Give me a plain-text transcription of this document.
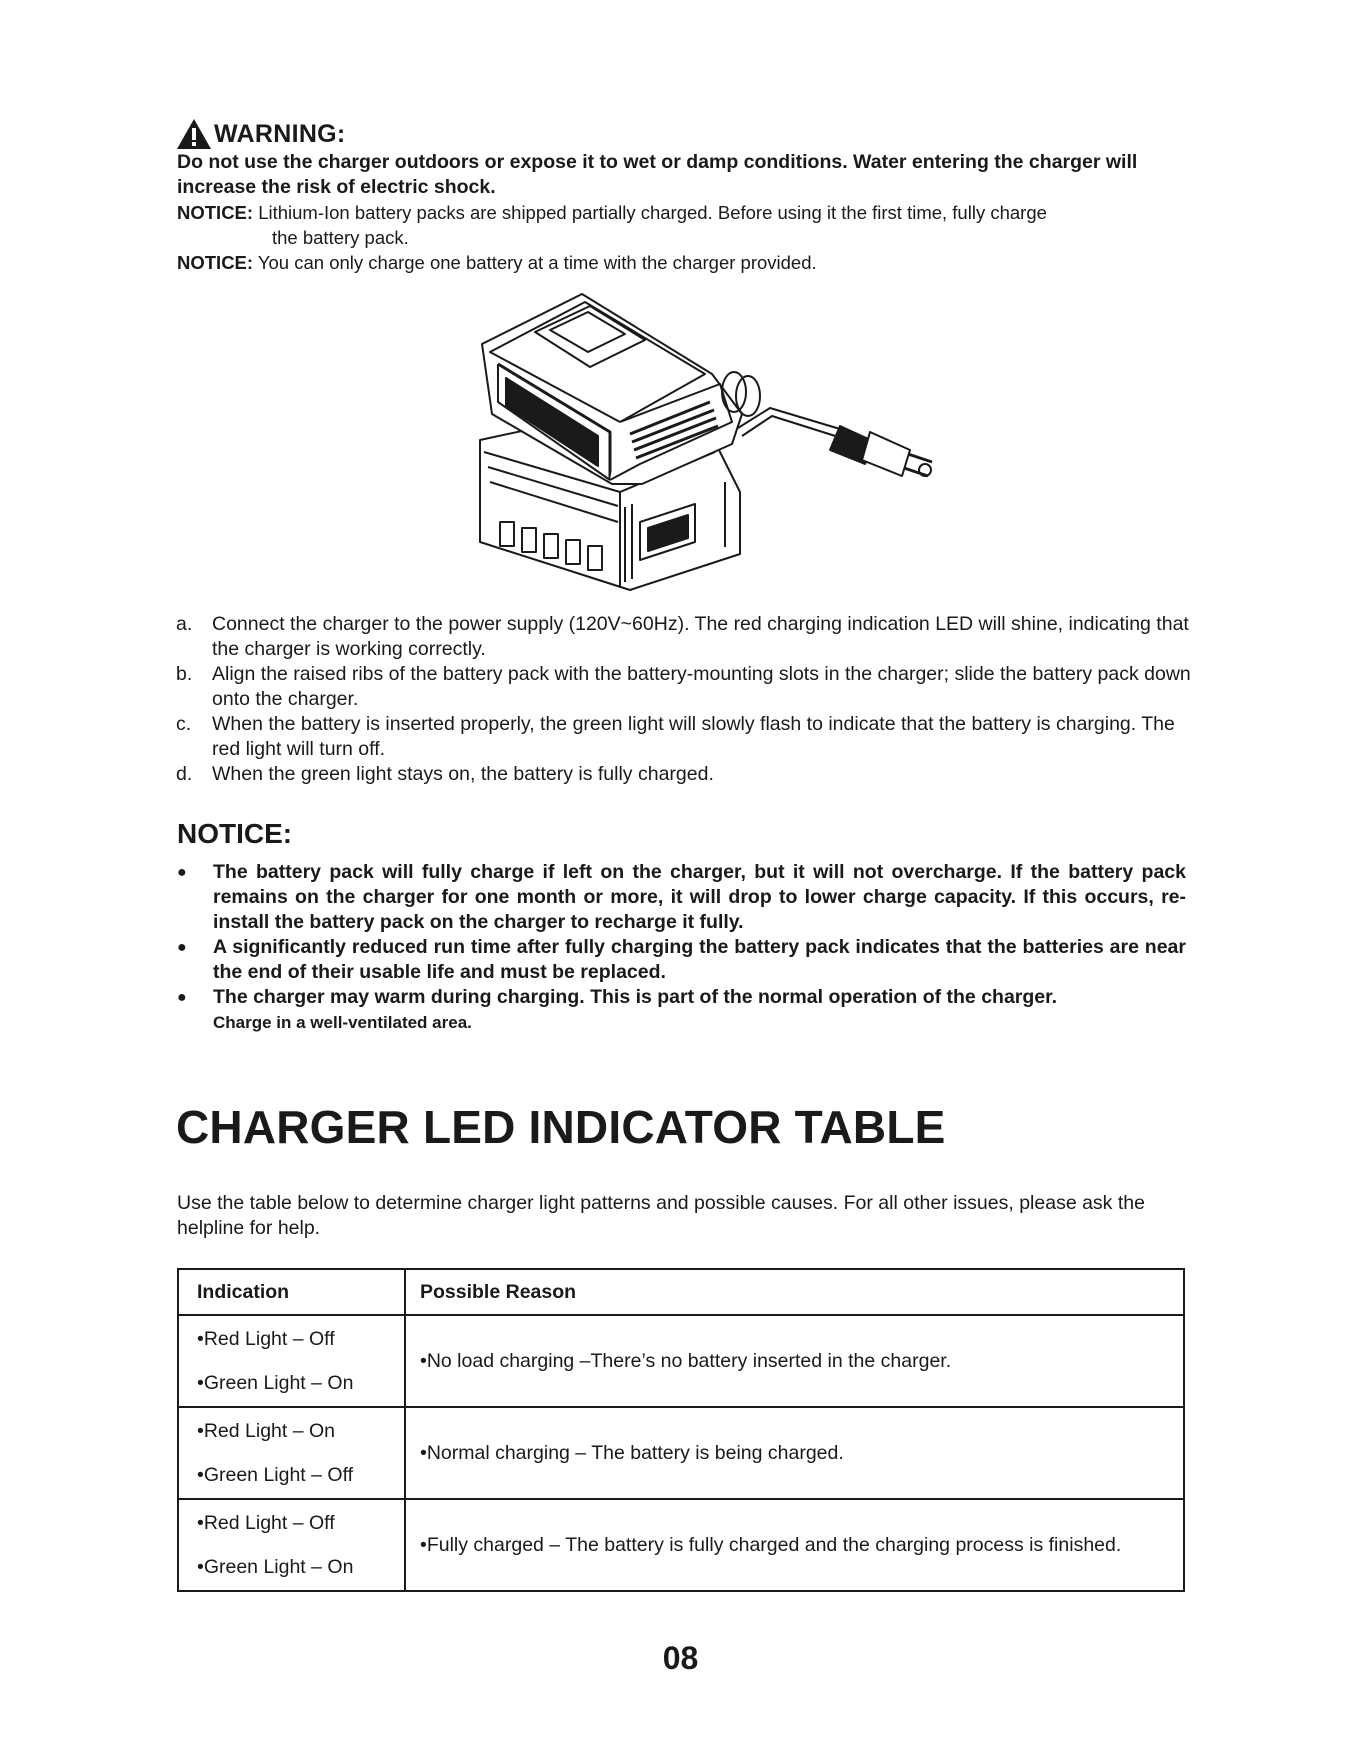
WARNING:
Do not use the charger outdoors or expose it to wet or damp conditions. Water entering the charger will increase the risk of electric shock.
NOTICE: Lithium-Ion battery packs are shipped partially charged. Before using it the first time, fully charge
the battery pack.
NOTICE: You can only charge one battery at a time with the charger provided.
a.	Connect the charger to the power supply (120V~60Hz). The red charging indication LED will shine, indicating that the charger is working correctly.
b.	Align the raised ribs of the battery pack with the battery-mounting slots in the charger; slide the battery pack down onto the charger.
c.	When the battery is inserted properly, the green light will slowly flash to indicate that the battery is charging. The red light will turn off.
d.	When the green light stays on, the battery is fully charged.
NOTICE:
●	The battery pack will fully charge if left on the charger, but it will not overcharge. If the battery pack remains on the charger for one month or more, it will drop to lower charge capacity. If this occurs, re-install the battery pack on the charger to recharge it fully.
●	A significantly reduced run time after fully charging the battery pack indicates that the batteries are near the end of their usable life and must be replaced.
●	The charger may warm during charging. This is part of the normal operation of the charger.
Charge in a well-ventilated area.
CHARGER LED INDICATOR TABLE
Use the table below to determine charger light patterns and possible causes. For all other issues, please ask the helpline for help.
Indication	Possible Reason

•Red Light – Off
•Green Light – On	•No load charging –There’s no battery inserted in the charger.

•Red Light – On
•Green Light – Off	•Normal charging – The battery is being charged.

•Red Light – Off
•Green Light – On	•Fully charged – The battery is fully charged and the charging process is finished.
08
